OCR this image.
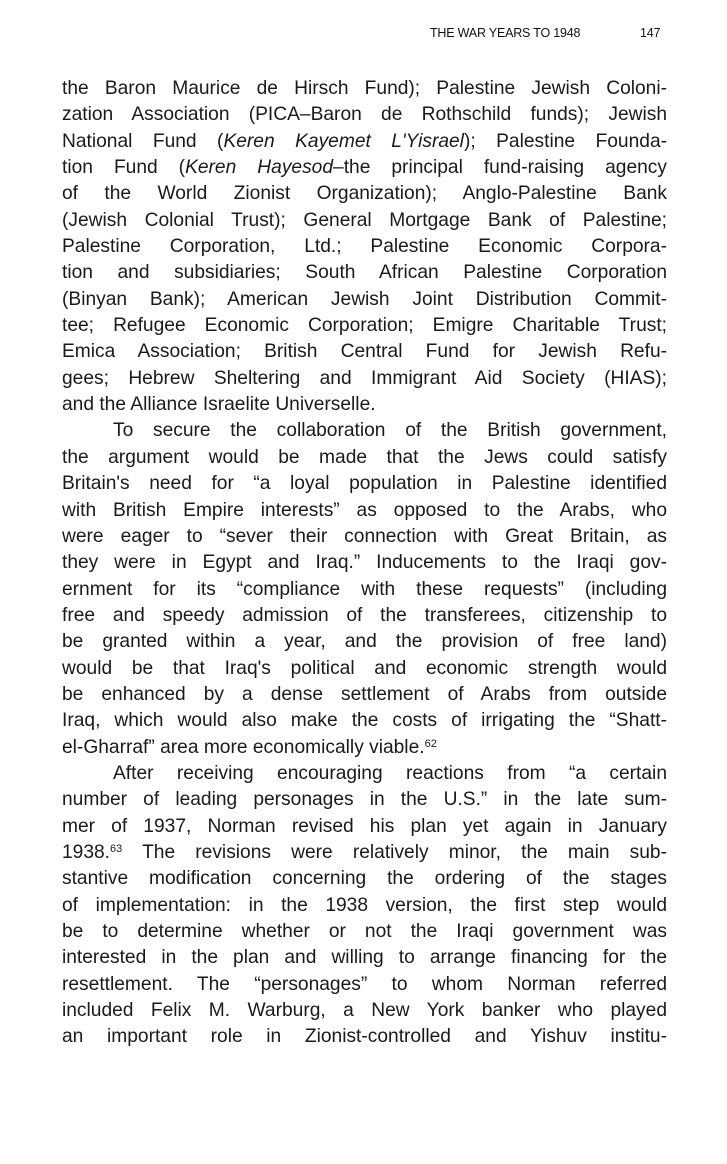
THE WAR YEARS TO 1948	147
the Baron Maurice de Hirsch Fund); Palestine Jewish Coloni-
zation Association (PICA–Baron de Rothschild funds); Jewish
National Fund (Keren Kayemet L'Yisrael); Palestine Founda-
tion Fund (Keren Hayesod–the principal fund-raising agency
of the World Zionist Organization); Anglo-Palestine Bank
(Jewish Colonial Trust); General Mortgage Bank of Palestine;
Palestine Corporation, Ltd.; Palestine Economic Corpora-
tion and subsidiaries; South African Palestine Corporation
(Binyan Bank); American Jewish Joint Distribution Commit-
tee; Refugee Economic Corporation; Emigre Charitable Trust;
Emica Association; British Central Fund for Jewish Refu-
gees; Hebrew Sheltering and Immigrant Aid Society (HIAS);
and the Alliance Israelite Universelle.
To secure the collaboration of the British government,
the argument would be made that the Jews could satisfy
Britain's need for “a loyal population in Palestine identified
with British Empire interests” as opposed to the Arabs, who
were eager to “sever their connection with Great Britain, as
they were in Egypt and Iraq.” Inducements to the Iraqi gov-
ernment for its “compliance with these requests” (including
free and speedy admission of the transferees, citizenship to
be granted within a year, and the provision of free land)
would be that Iraq's political and economic strength would
be enhanced by a dense settlement of Arabs from outside
Iraq, which would also make the costs of irrigating the “Shatt-
el-Gharraf” area more economically viable.$^{62}$
After receiving encouraging reactions from “a certain
number of leading personages in the U.S.” in the late sum-
mer of 1937, Norman revised his plan yet again in January
1938.63 The revisions were relatively minor, the main sub-
stantive modification concerning the ordering of the stages
of implementation: in the 1938 version, the first step would
be to determine whether or not the Iraqi government was
interested in the plan and willing to arrange financing for the
resettlement. The “personages” to whom Norman referred
included Felix M. Warburg, a New York banker who played
an important role in Zionist-controlled and Yishuv institu-
